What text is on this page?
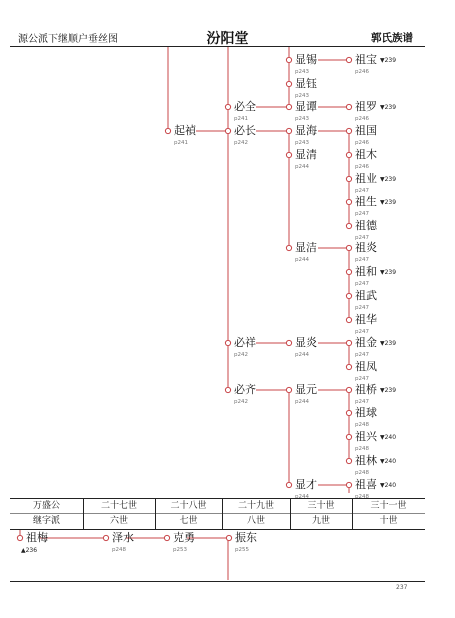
源公派下继顺户垂丝图	汾阳堂	郭氏族谱
起禎
p241
必全
p241
必长
p242
必祥
p242
必齐
p242
显锡
p243
显钰
p243
显谭
p243
显海
p243
显清
p244
显洁
p244
显炎
p244
显元
p244
显才
p244
祖宝
p246
▼239
祖罗
p246
▼239
祖国
p246
祖木
p246
祖业
p247
▼239
祖生
p247
▼239
祖德
p247
祖炎
p247
祖和
p247
▼239
祖武
p247
祖华
p247
祖金
p247
▼239
祖凤
p247
祖桥
p247
▼239
祖球
p248
祖兴
p248
▼240
祖林
p248
▼240
祖喜
p248
▼240
万盛公	二十七世	二十八世	二十九世	三十世	三十一世
继字派	六世	七世	八世	九世	十世
祖梅
▲236
泽水
p248
克勇
p253
振东
p255
237
